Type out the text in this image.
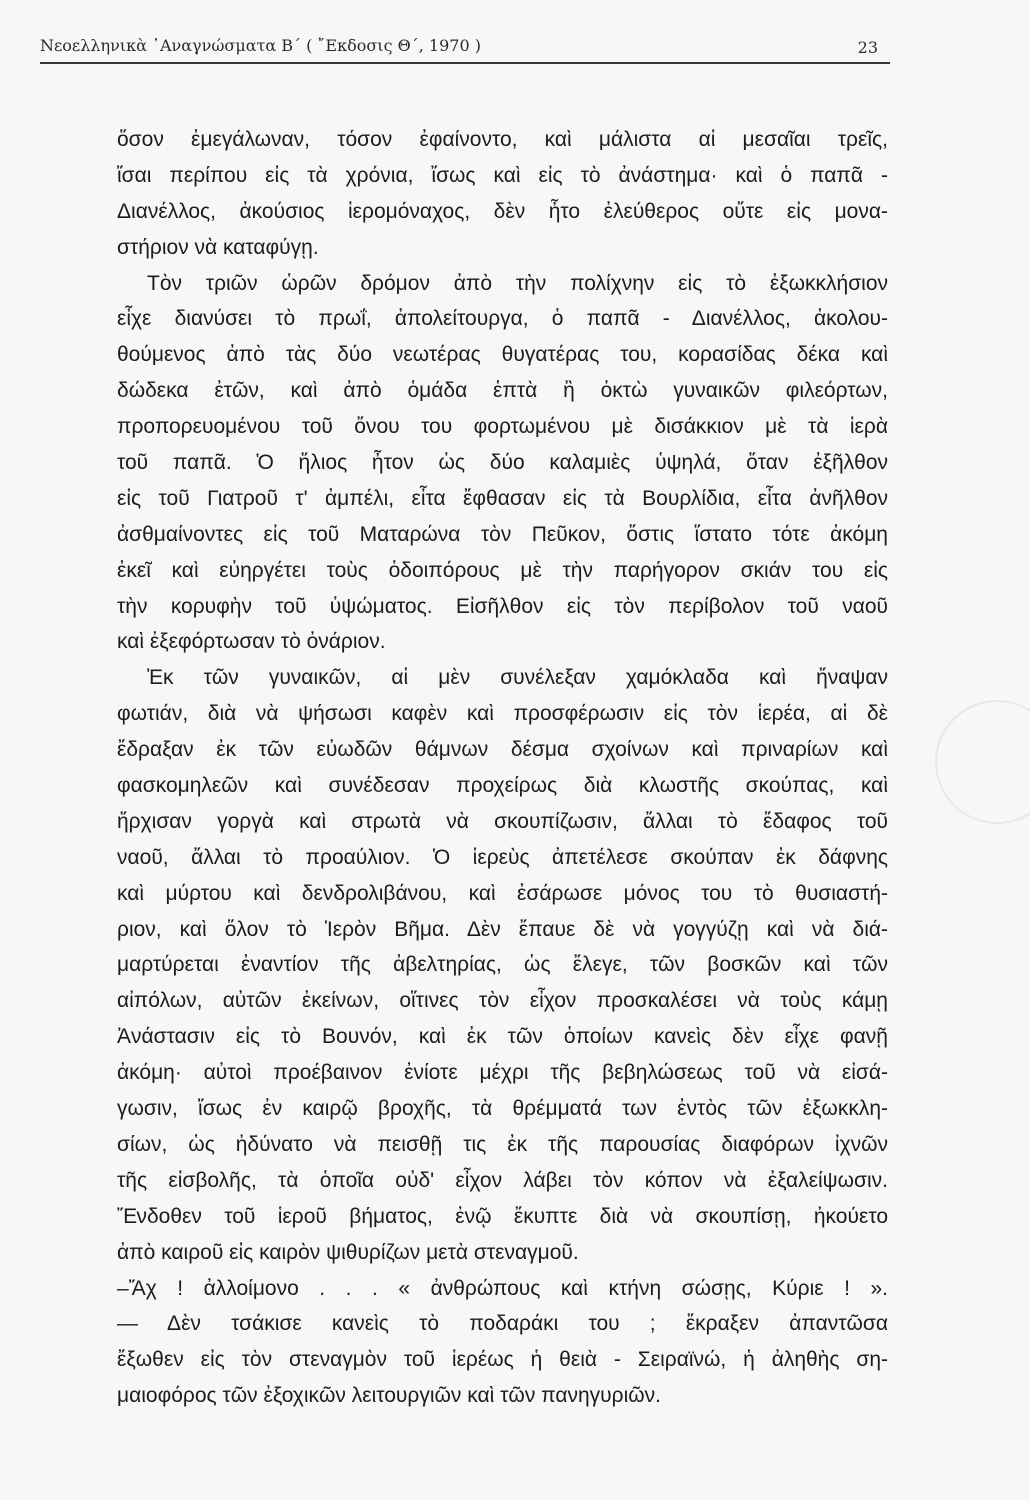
Νεοελληνικὰ ᾿Αναγνώσματα Β΄ ( ῎Εκδοσις Θ΄, 1970 )	23
ὅσον ἐμεγάλωναν, τόσον ἐφαίνοντο, καὶ μάλιστα αἱ μεσαῖαι τρεῖς,
ἴσαι περίπου εἰς τὰ χρόνια, ἴσως καὶ εἰς τὸ ἀνάστημα· καὶ ὁ παπᾶ -
Διανέλλος, ἀκούσιος ἱερομόναχος, δὲν ἦτο ἐλεύθερος οὔτε εἰς μονα-
στήριον νὰ καταφύγῃ.
Τὸν τριῶν ὡρῶν δρόμον ἀπὸ τὴν πολίχνην εἰς τὸ ἐξωκκλήσιον
εἶχε διανύσει τὸ πρωΐ, ἀπολείτουργα, ὁ παπᾶ - Διανέλλος, ἀκολου-
θούμενος ἀπὸ τὰς δύο νεωτέρας θυγατέρας του, κορασίδας δέκα καὶ
δώδεκα ἐτῶν, καὶ ἀπὸ ὁμάδα ἑπτὰ ἢ ὀκτὼ γυναικῶν φιλεόρτων,
προπορευομένου τοῦ ὄνου του φορτωμένου μὲ δισάκκιον μὲ τὰ ἱερὰ
τοῦ παπᾶ. Ὁ ἥλιος ἦτον ὡς δύο καλαμιὲς ὑψηλά, ὅταν ἐξῆλθον
εἰς τοῦ Γιατροῦ τ' ἀμπέλι, εἶτα ἔφθασαν εἰς τὰ Βουρλίδια, εἶτα ἀνῆλθον
ἀσθμαίνοντες εἰς τοῦ Ματαρώνα τὸν Πεῦκον, ὅστις ἵστατο τότε ἀκόμη
ἐκεῖ καὶ εὐηργέτει τοὺς ὁδοιπόρους μὲ τὴν παρήγορον σκιάν του εἰς
τὴν κορυφὴν τοῦ ὑψώματος. Εἰσῆλθον εἰς τὸν περίβολον τοῦ ναοῦ
καὶ ἐξεφόρτωσαν τὸ ὀνάριον.
Ἐκ τῶν γυναικῶν, αἱ μὲν συνέλεξαν χαμόκλαδα καὶ ἤναψαν
φωτιάν, διὰ νὰ ψήσωσι καφὲν καὶ προσφέρωσιν εἰς τὸν ἱερέα, αἱ δὲ
ἔδραξαν ἐκ τῶν εὐωδῶν θάμνων δέσμα σχοίνων καὶ πριναρίων καὶ
φασκομηλεῶν καὶ συνέδεσαν προχείρως διὰ κλωστῆς σκούπας, καὶ
ἤρχισαν γοργὰ καὶ στρωτὰ νὰ σκουπίζωσιν, ἄλλαι τὸ ἔδαφος τοῦ
ναοῦ, ἄλλαι τὸ προαύλιον. Ὁ ἱερεὺς ἀπετέλεσε σκούπαν ἐκ δάφνης
καὶ μύρτου καὶ δενδρολιβάνου, καὶ ἐσάρωσε μόνος του τὸ θυσιαστή-
ριον, καὶ ὅλον τὸ Ἱερὸν Βῆμα. Δὲν ἔπαυε δὲ νὰ γογγύζῃ καὶ νὰ διά-
μαρτύρεται ἐναντίον τῆς ἀβελτηρίας, ὡς ἔλεγε, τῶν βοσκῶν καὶ τῶν
αἰπόλων, αὐτῶν ἐκείνων, οἵτινες τὸν εἶχον προσκαλέσει νὰ τοὺς κάμῃ
Ἀνάστασιν εἰς τὸ Βουνόν, καὶ ἐκ τῶν ὁποίων κανεὶς δὲν εἶχε φανῇ
ἀκόμη· αὐτοὶ προέβαινον ἐνίοτε μέχρι τῆς βεβηλώσεως τοῦ νὰ εἰσά-
γωσιν, ἴσως ἐν καιρῷ βροχῆς, τὰ θρέμματά των ἐντὸς τῶν ἐξωκκλη-
σίων, ὡς ἠδύνατο νὰ πεισθῇ τις ἐκ τῆς παρουσίας διαφόρων ἰχνῶν
τῆς εἰσβολῆς, τὰ ὁποῖα οὐδ' εἶχον λάβει τὸν κόπον νὰ ἐξαλείψωσιν.
Ἔνδοθεν τοῦ ἱεροῦ βήματος, ἐνῷ ἔκυπτε διὰ νὰ σκουπίσῃ, ἠκούετο
ἀπὸ καιροῦ εἰς καιρὸν ψιθυρίζων μετὰ στεναγμοῦ.
–Ἄχ ! ἀλλοίμονο . . . « ἀνθρώπους καὶ κτήνη σώσῃς, Κύριε ! ».
— Δὲν τσάκισε κανεὶς τὸ ποδαράκι του ; ἔκραξεν ἀπαντῶσα
ἔξωθεν εἰς τὸν στεναγμὸν τοῦ ἱερέως ἡ θειὰ - Σειραϊνώ, ἡ ἀληθὴς ση-
μαιοφόρος τῶν ἐξοχικῶν λειτουργιῶν καὶ τῶν πανηγυριῶν.
